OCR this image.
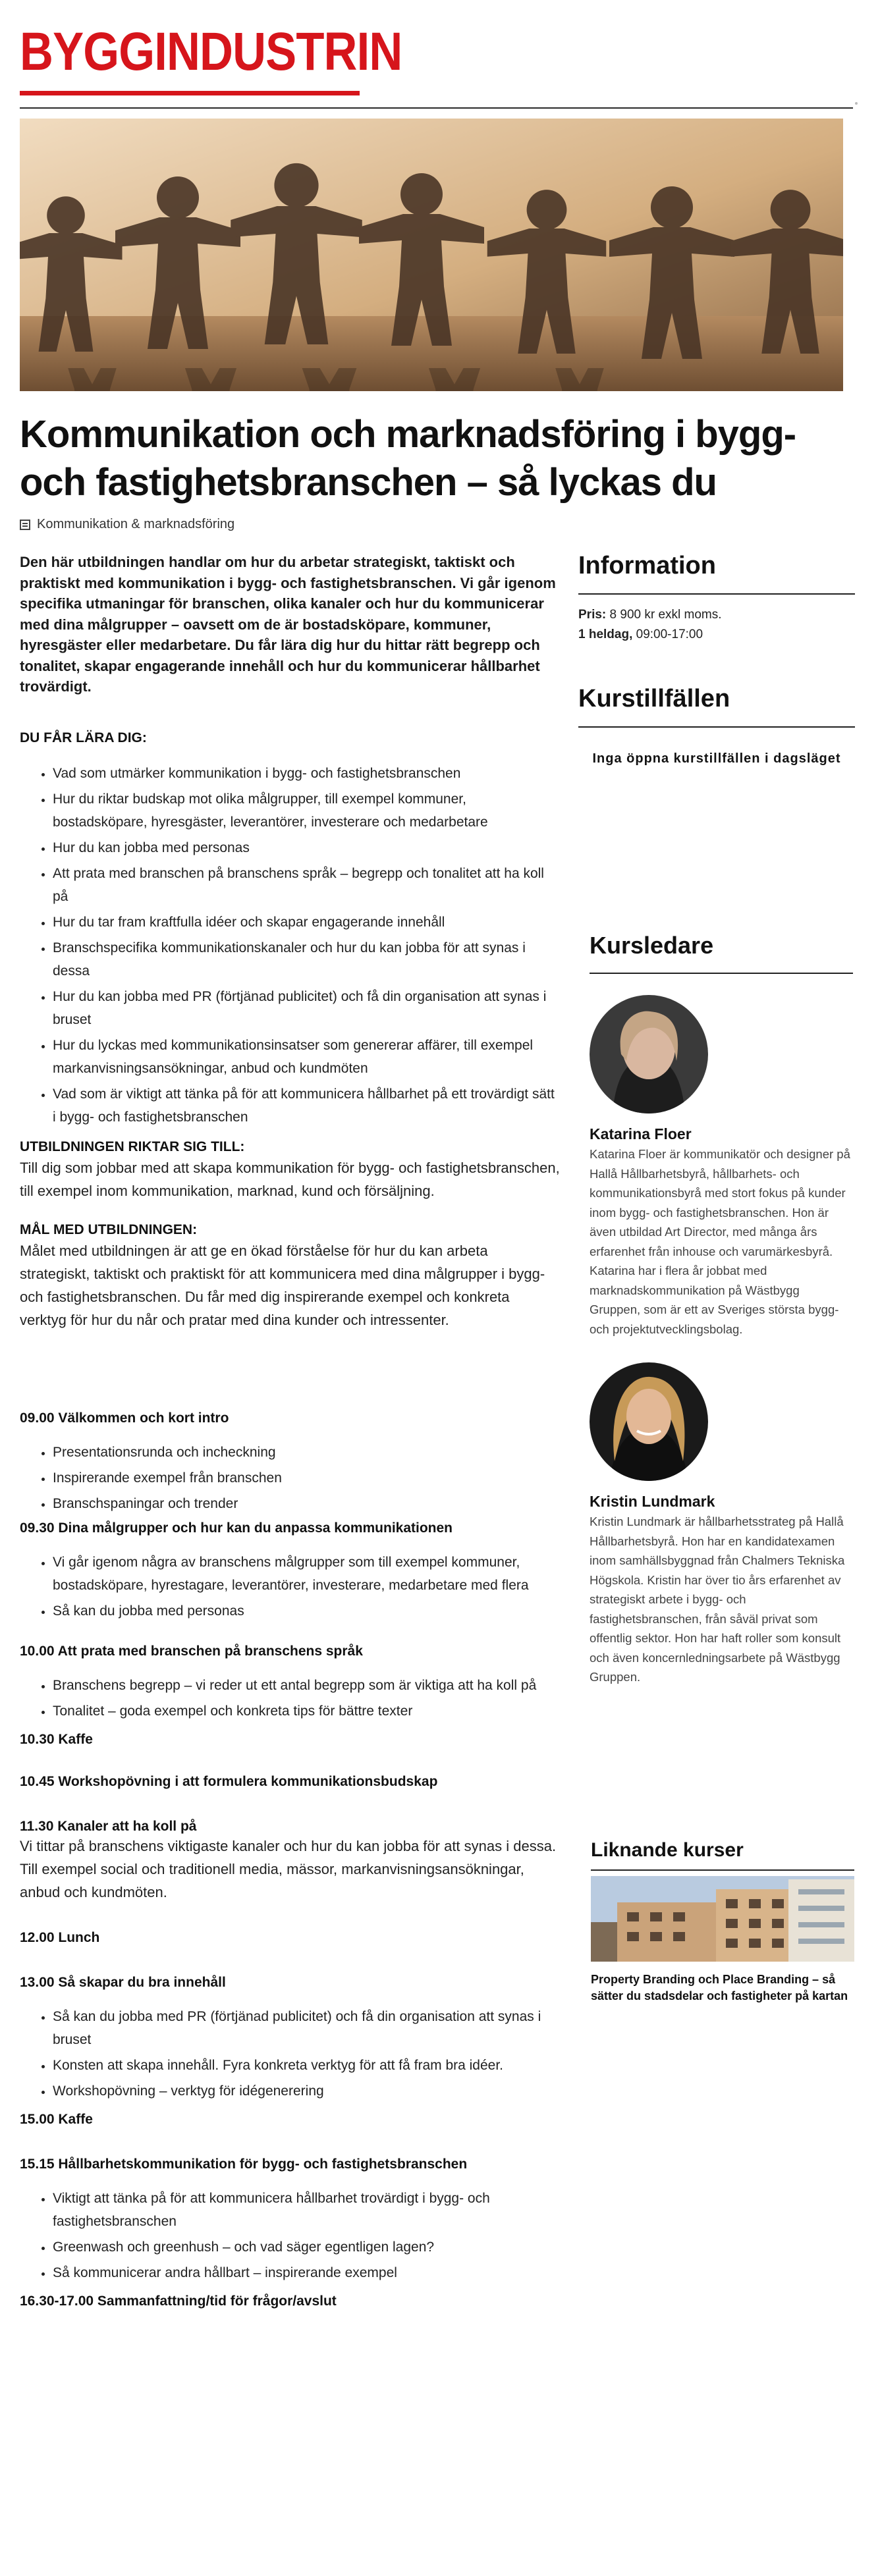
BYGGINDUSTRIN
Kommunikation och marknadsföring i bygg- och fastighetsbranschen – så lyckas du
Kommunikation & marknadsföring

Den här utbildningen handlar om hur du arbetar strategiskt, taktiskt och praktiskt med kommunikation i bygg- och fastighetsbranschen. Vi går igenom specifika utmaningar för branschen, olika kanaler och hur du kommunicerar med dina målgrupper – oavsett om de är bostadsköpare, kommuner, hyresgäster eller medarbetare. Du får lära dig hur du hittar rätt begrepp och tonalitet, skapar engagerande innehåll och hur du kommunicerar hållbarhet trovärdigt.

DU FÅR LÄRA DIG:
• Vad som utmärker kommunikation i bygg- och fastighetsbranschen
• Hur du riktar budskap mot olika målgrupper, till exempel kommuner, bostadsköpare, hyresgäster, leverantörer, investerare och medarbetare
• Hur du kan jobba med personas
• Att prata med branschen på branschens språk – begrepp och tonalitet att ha koll på
• Hur du tar fram kraftfulla idéer och skapar engagerande innehåll
• Branschspecifika kommunikationskanaler och hur du kan jobba för att synas i dessa
• Hur du kan jobba med PR (förtjänad publicitet) och få din organisation att synas i bruset
• Hur du lyckas med kommunikationsinsatser som genererar affärer, till exempel markanvisningsansökningar, anbud och kundmöten
• Vad som är viktigt att tänka på för att kommunicera hållbarhet på ett trovärdigt sätt i bygg- och fastighetsbranschen
UTBILDNINGEN RIKTAR SIG TILL:

Till dig som jobbar med att skapa kommunikation för bygg- och fastighetsbranschen, till exempel inom kommunikation, marknad, kund och försäljning.

MÅL MED UTBILDNINGEN:

Målet med utbildningen är att ge en ökad förståelse för hur du kan arbeta strategiskt, taktiskt och praktiskt för att kommunicera med dina målgrupper i bygg- och fastighetsbranschen. Du får med dig inspirerande exempel och konkreta verktyg för hur du når och pratar med dina kunder och intressenter.

09.00 Välkommen och kort intro
• Presentationsrunda och incheckning
• Inspirerande exempel från branschen
• Branschspaningar och trender
09.30 Dina målgrupper och hur kan du anpassa kommunikationen
• Vi går igenom några av branschens målgrupper som till exempel kommuner, bostadsköpare, hyrestagare, leverantörer, investerare, medarbetare med flera
• Så kan du jobba med personas
10.00 Att prata med branschen på branschens språk
• Branschens begrepp – vi reder ut ett antal begrepp som är viktiga att ha koll på
• Tonalitet – goda exempel och konkreta tips för bättre texter
10.30 Kaffe
10.45 Workshopövning i att formulera kommunikationsbudskap
11.30 Kanaler att ha koll på

Vi tittar på branschens viktigaste kanaler och hur du kan jobba för att synas i dessa. Till exempel social och traditionell media, mässor, markanvisningsansökningar, anbud och kundmöten.

12.00 Lunch
13.00 Så skapar du bra innehåll
• Så kan du jobba med PR (förtjänad publicitet) och få din organisation att synas i bruset
• Konsten att skapa innehåll. Fyra konkreta verktyg för att få fram bra idéer.
• Workshopövning – verktyg för idégenerering
15.00 Kaffe
15.15 Hållbarhetskommunikation för bygg- och fastighetsbranschen
• Viktigt att tänka på för att kommunicera hållbarhet trovärdigt i bygg- och fastighetsbranschen
• Greenwash och greenhush – och vad säger egentligen lagen?
• Så kommunicerar andra hållbart – inspirerande exempel
16.30-17.00 Sammanfattning/tid för frågor/avslut
Information

Pris: 8 900 kr exkl moms.

1 heldag, 09:00-17:00

Kurstillfällen
Inga öppna kurstillfällen i dagsläget
Kursledare

Katarina Floer

Katarina Floer är kommunikatör och designer på Hallå Hållbarhetsbyrå, hållbarhets- och kommunikationsbyrå med stort fokus på kunder inom bygg- och fastighetsbranschen. Hon är även utbildad Art Director, med många års erfarenhet från inhouse och varumärkesbyrå. Katarina har i flera år jobbat med marknadskommunikation på Wästbygg Gruppen, som är ett av Sveriges största bygg- och projektutvecklingsbolag.

Kristin Lundmark

Kristin Lundmark är hållbarhetsstrateg på Hallå Hållbarhetsbyrå. Hon har en kandidatexamen inom samhällsbyggnad från Chalmers Tekniska Högskola. Kristin har över tio års erfarenhet av strategiskt arbete i bygg- och fastighetsbranschen, från såväl privat som offentlig sektor. Hon har haft roller som konsult och även koncernledningsarbete på Wästbygg Gruppen.

Liknande kurser

Property Branding och Place Branding – så sätter du stadsdelar och fastigheter på kartan
